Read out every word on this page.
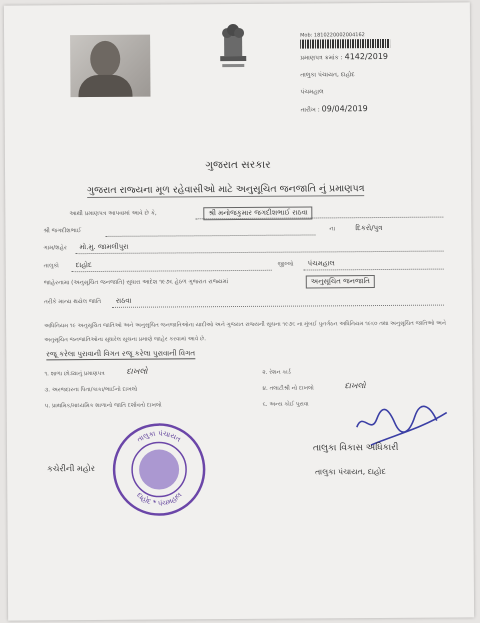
Mob: 1810220002004162
પ્રમાણપત્ર ક્રમાંક : 4142/2019
તાલુકા પંચાયત, દાહોદ
પંચમહાલ
તારીખ : 09/04/2019
ગુજરાત સરકાર
ગુજરાત રાજ્યના મૂળ રહેવાસીઓ માટે અનુસૂચિત જનજાતિ નું પ્રમાણપત્ર
આથી પ્રમાણપત્ર આપવામાં આવે છે કે,	શ્રી મનોજકુમાર જગદીશભાઈ રાઠવા
શ્રી જગદીશભાઈ	ના	દિકરો/પુત્ર
ગામ/શહેર મો.મુ. જામલીપુરા
તાલુકો દાહોદ	જીલ્લો પંચમહાલ
જાહેરનામા (અનુસૂચિત જનજાતિ) સુધારા આદેશ ૧૯૭૬ હેઠળ ગુજરાત રાજ્યમાં	અનુસૂચિત જનજાતિ
તરીકે માન્ય થયેલ જાતિ રાઠવા
અધિનિયમ ૧૯ અનુસૂચિત જાતિઓ અને અનુસૂચિત જનજાતિઓના યાદીઓ અને ગુજરાત રાજ્યની સૂચના ૧૯૭૬ ના મુંબઈ પુનર્ગઠન અધિનિયમ ૧૯૬૦ તથા અનુસૂચિત જાતિઓ અને અનુસૂચિત જનજાતિઓના સુધારેલ સૂચના પ્રમાણે જાહેર કરવામાં આવે છે.
રજૂ કરેલા પુરાવાની વિગત રજૂ કરેલા પુરાવાની વિગત
૧. શાળા છોડ્યાનું પ્રમાણપત્ર	દાખલો
૩. અરજદારના પિતા/કાકા/ભાઈનો દાખલો
૫. પ્રાથમિક/માધ્યમિક શાળાનો જાતિ દર્શાવતો દાખલો
૨. રેશન કાર્ડ
૪. તલાટીશ્રી નો દાખલો	દાખલો
૬. અન્ય કોઈ પુરાવા
તાલુકા પંચાયત
દાહોદ * પંચમહાલ
કચેરીની મહોર
તાલુકા વિકાસ અધિકારી
તાલુકા પંચાયત, દાહોદ
